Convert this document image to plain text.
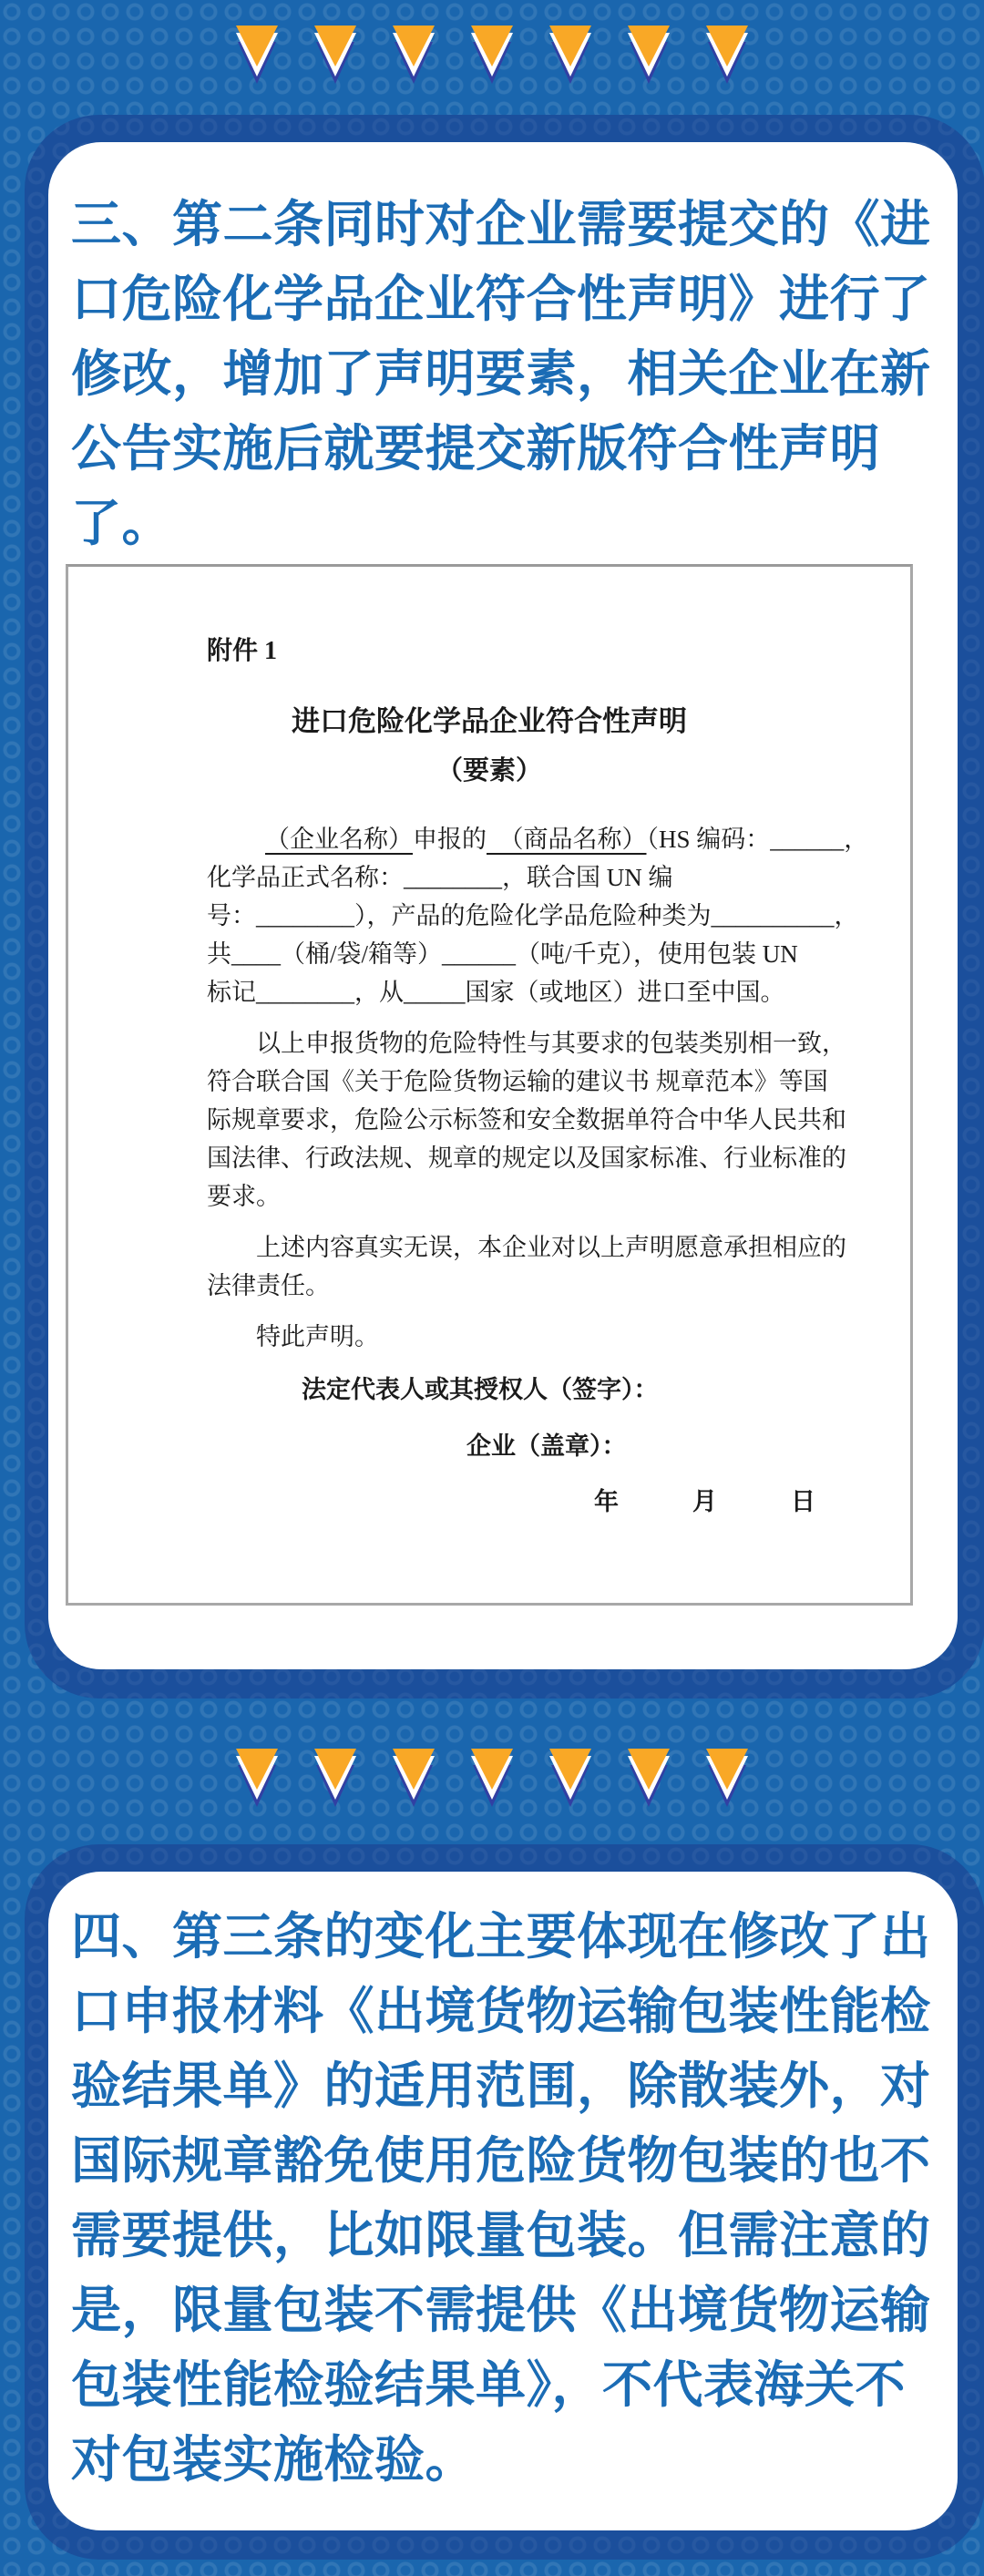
三、第二条同时对企业需要提交的《进
口危险化学品企业符合性声明》进行了
修改，增加了声明要素，相关企业在新
公告实施后就要提交新版符合性声明
了。
附件 1
进口危险化学品企业符合性声明
（要素）
（企业名称）申报的　（商品名称）（HS 编码：______，
化学品正式名称：________，联合国 UN 编
号：________），产品的危险化学品危险种类为__________，
共____（桶/袋/箱等）______（吨/千克），使用包装 UN
标记________，从_____国家（或地区）进口至中国。
以上申报货物的危险特性与其要求的包装类别相一致，
符合联合国《关于危险货物运输的建议书 规章范本》等国
际规章要求，危险公示标签和安全数据单符合中华人民共和
国法律、行政法规、规章的规定以及国家标准、行业标准的
要求。
上述内容真实无误，本企业对以上声明愿意承担相应的
法律责任。
特此声明。
法定代表人或其授权人（签字）：
企业（盖章）：
年　　　月　　　日
四、第三条的变化主要体现在修改了出
口申报材料《出境货物运输包装性能检
验结果单》的适用范围，除散装外，对
国际规章豁免使用危险货物包装的也不
需要提供，比如限量包装。但需注意的
是，限量包装不需提供《出境货物运输
包装性能检验结果单》，不代表海关不
对包装实施检验。
